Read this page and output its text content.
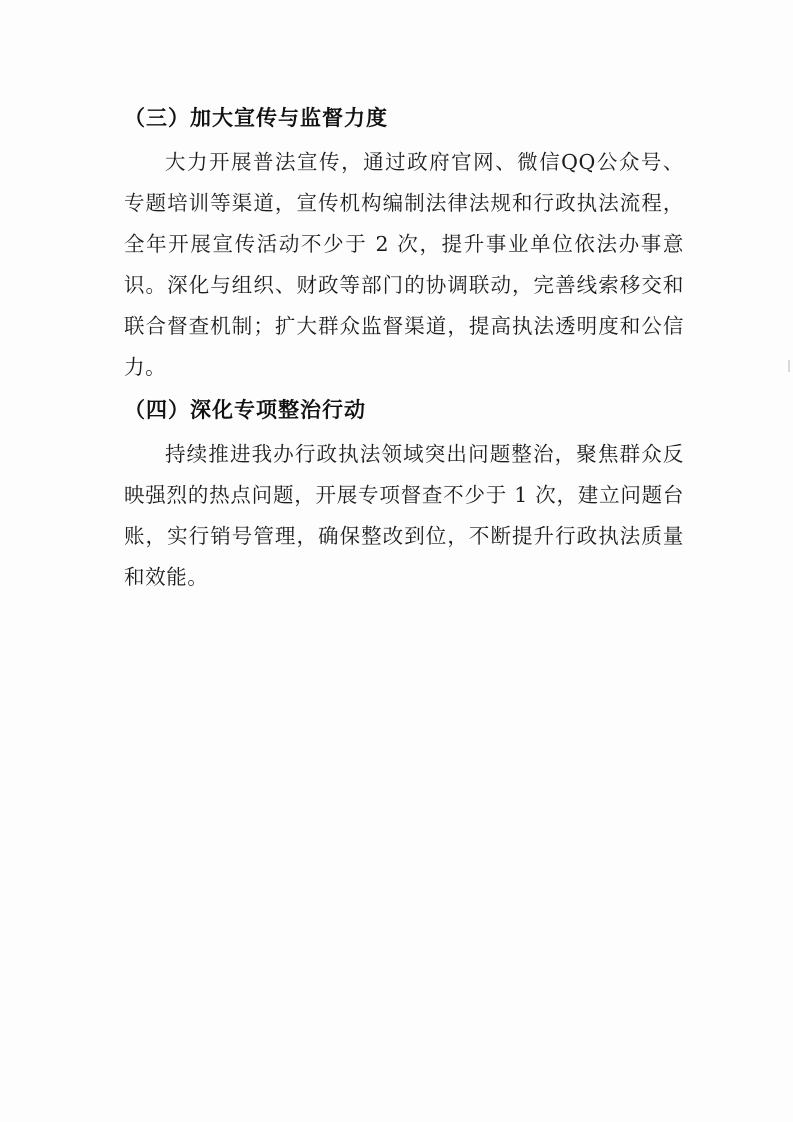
（三）加大宣传与监督力度

大力开展普法宣传，通过政府官网、微信QQ公众号、专题培训等渠道，宣传机构编制法律法规和行政执法流程，全年开展宣传活动不少于 2 次，提升事业单位依法办事意识。深化与组织、财政等部门的协调联动，完善线索移交和联合督查机制；扩大群众监督渠道，提高执法透明度和公信力。

（四）深化专项整治行动

持续推进我办行政执法领域突出问题整治，聚焦群众反映强烈的热点问题，开展专项督查不少于 1 次，建立问题台账，实行销号管理，确保整改到位，不断提升行政执法质量和效能。
